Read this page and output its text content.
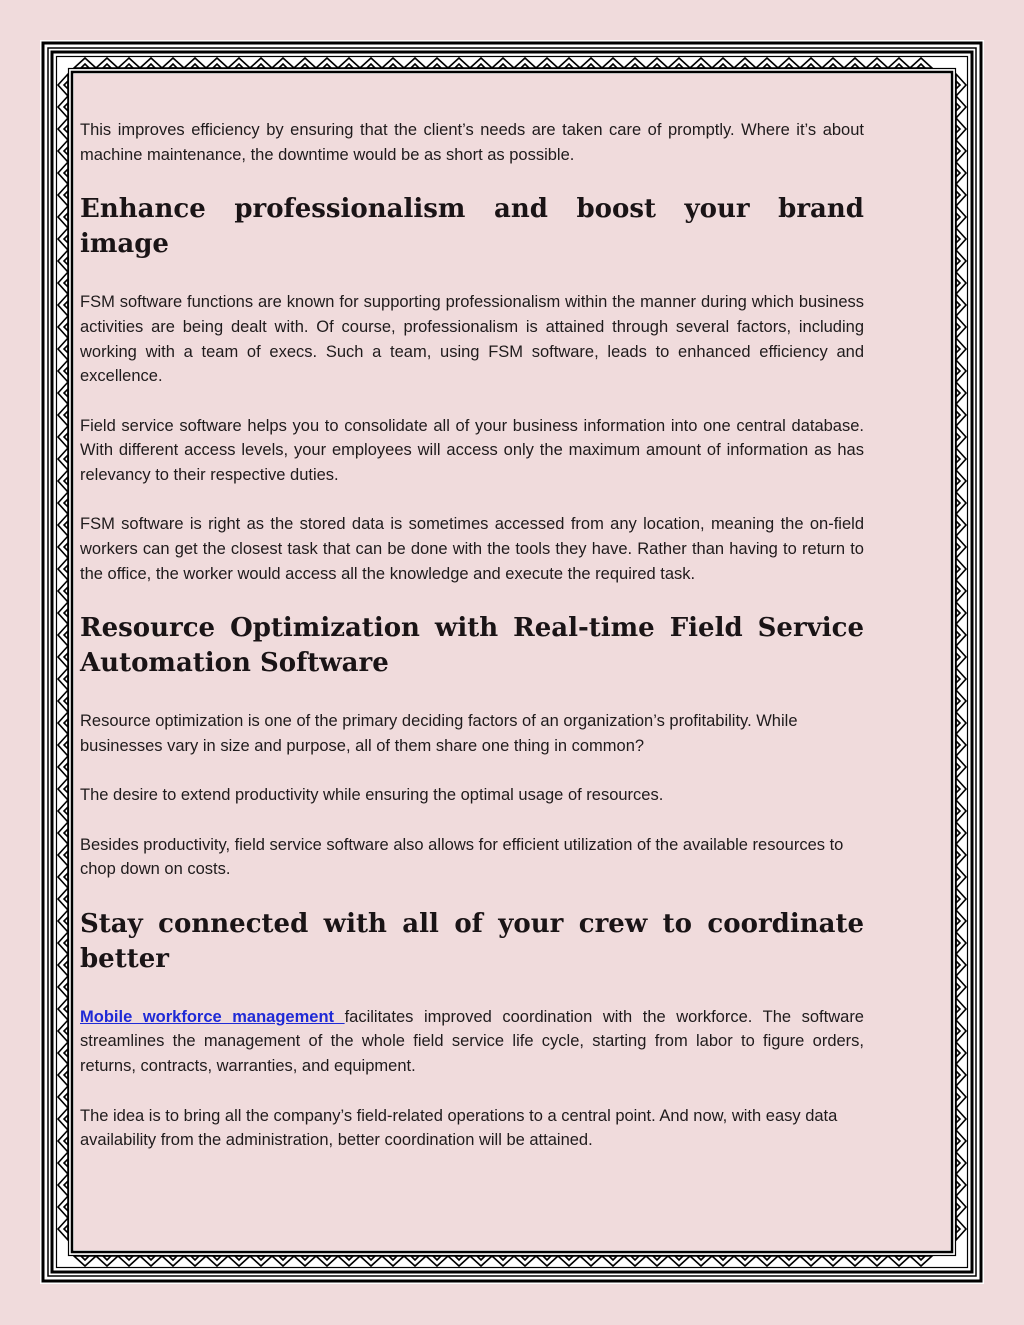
This improves efficiency by ensuring that the client’s needs are taken care of promptly. Where it’s about machine maintenance, the downtime would be as short as possible.

Enhance professionalism and boost your brand image

FSM software functions are known for supporting professionalism within the manner during which business activities are being dealt with. Of course, professionalism is attained through several factors, including working with a team of execs. Such a team, using FSM software, leads to enhanced efficiency and excellence.

Field service software helps you to consolidate all of your business information into one central database. With different access levels, your employees will access only the maximum amount of information as has relevancy to their respective duties.

FSM software is right as the stored data is sometimes accessed from any location, meaning the on-field workers can get the closest task that can be done with the tools they have. Rather than having to return to the office, the worker would access all the knowledge and execute the required task.

Resource Optimization with Real-time Field Service Automation Software

Resource optimization is one of the primary deciding factors of an organization’s profitability. While businesses vary in size and purpose, all of them share one thing in common?

The desire to extend productivity while ensuring the optimal usage of resources.

Besides productivity, field service software also allows for efficient utilization of the available resources to chop down on costs.

Stay connected with all of your crew to coordinate better

Mobile workforce management facilitates improved coordination with the workforce. The software streamlines the management of the whole field service life cycle, starting from labor to figure orders, returns, contracts, warranties, and equipment.

The idea is to bring all the company’s field-related operations to a central point. And now, with easy data availability from the administration, better coordination will be attained.
